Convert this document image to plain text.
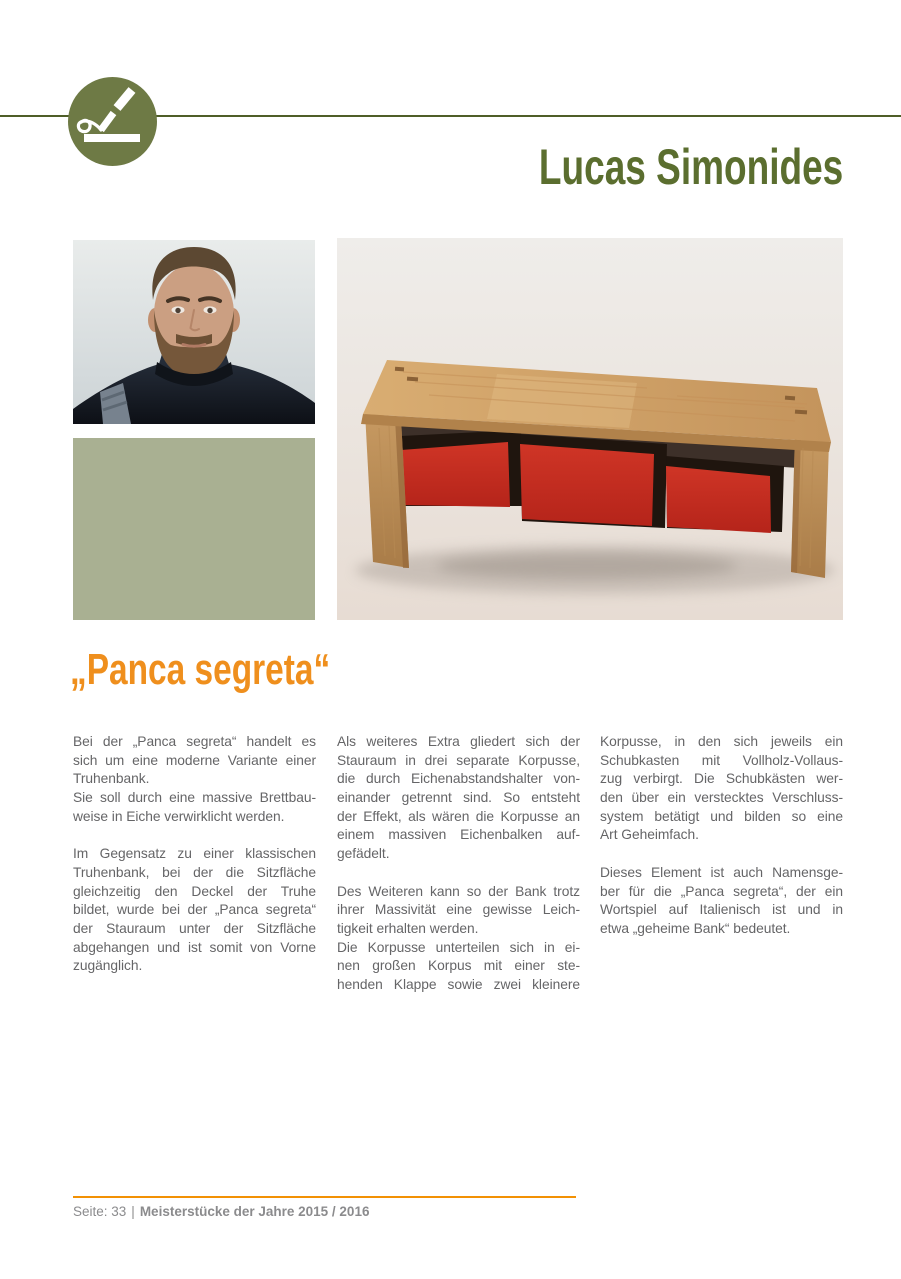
Lucas Simonides
„Panca segreta“
Bei der „Panca segreta“ handelt es
sich um eine moderne Variante einer
Truhenbank.
Sie soll durch eine massive Brettbau-
weise in Eiche verwirklicht werden.
Im Gegensatz zu einer klassischen
Truhenbank, bei der die Sitzfläche
gleichzeitig den Deckel der Truhe
bildet, wurde bei der „Panca segreta“
der Stauraum unter der Sitzfläche
abgehangen und ist somit von Vorne
zugänglich.
Als weiteres Extra gliedert sich der
Stauraum in drei separate Korpusse,
die durch Eichenabstandshalter von-
einander getrennt sind. So entsteht
der Effekt, als wären die Korpusse an
einem massiven Eichenbalken auf-
gefädelt.
Des Weiteren kann so der Bank trotz
ihrer Massivität eine gewisse Leich-
tigkeit erhalten werden.
Die Korpusse unterteilen sich in ei-
nen großen Korpus mit einer ste-
henden Klappe sowie zwei kleinere
Korpusse, in den sich jeweils ein
Schubkasten mit Vollholz-Vollaus-
zug verbirgt. Die Schubkästen wer-
den über ein verstecktes Verschluss-
system betätigt und bilden so eine
Art Geheimfach.
Dieses Element ist auch Namensge-
ber für die „Panca segreta“, der ein
Wortspiel auf Italienisch ist und in
etwa „geheime Bank“ bedeutet.
Seite: 33 | Meisterstücke der Jahre 2015 / 2016
